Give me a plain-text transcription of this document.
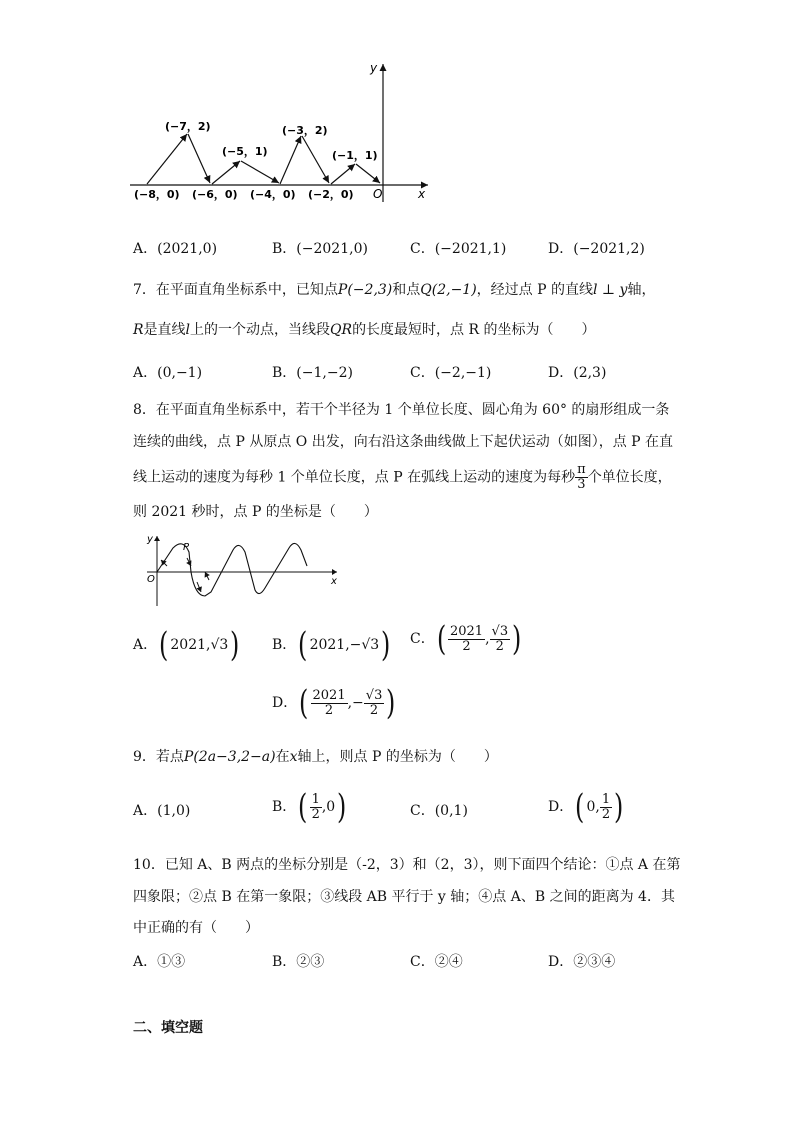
y
x
O
(−7，2)
(−5，1)
(−3，2)
(−1，1)
(−8，0) (−6，0) (−4，0) (−2，0)
A．(2021,0)	B．(−2021,0)	C．(−2021,1)	D．(−2021,2)
7．在平面直角坐标系中，已知点P(−2,3)和点Q(2,−1)，经过点 P 的直线l ⊥ y轴，
R是直线l上的一个动点，当线段QR的长度最短时，点 R 的坐标为（　　）
A．(0,−1)	B．(−1,−2)	C．(−2,−1)	D．(2,3)
8．在平面直角坐标系中，若干个半径为 1 个单位长度、圆心角为 60° 的扇形组成一条
连续的曲线，点 P 从原点 O 出发，向右沿这条曲线做上下起伏运动（如图），点 P 在直
线上运动的速度为每秒 1 个单位长度，点 P 在弧线上运动的速度为每秒 $\frac{\pi}{3}$ 个单位长度，
则 2021 秒时，点 P 的坐标是（　　）
y
O	x
P
A．( 2021,√3) B．( 2021,−√3) C．( $\frac{2021}{2}$ , $\frac{√3}{2}$ )
D．( $\frac{2021}{2}$ ,− $\frac{√3}{2}$ )
9．若点P(2a−3,2−a)在x轴上，则点 P 的坐标为（　　）
A．(1,0)	B．( $\frac{1}{2} ,0$)	C．(0,1)	D．( 0, $\frac{1}{2}$ )
10．已知 A、B 两点的坐标分别是（-2，3）和（2，3），则下面四个结论：①点 A 在第
四象限；②点 B 在第一象限；③线段 AB 平行于 y 轴；④点 A、B 之间的距离为 4．其
中正确的有（　　）
A．①③	B．②③	C．②④	D．②③④
二、填空题
